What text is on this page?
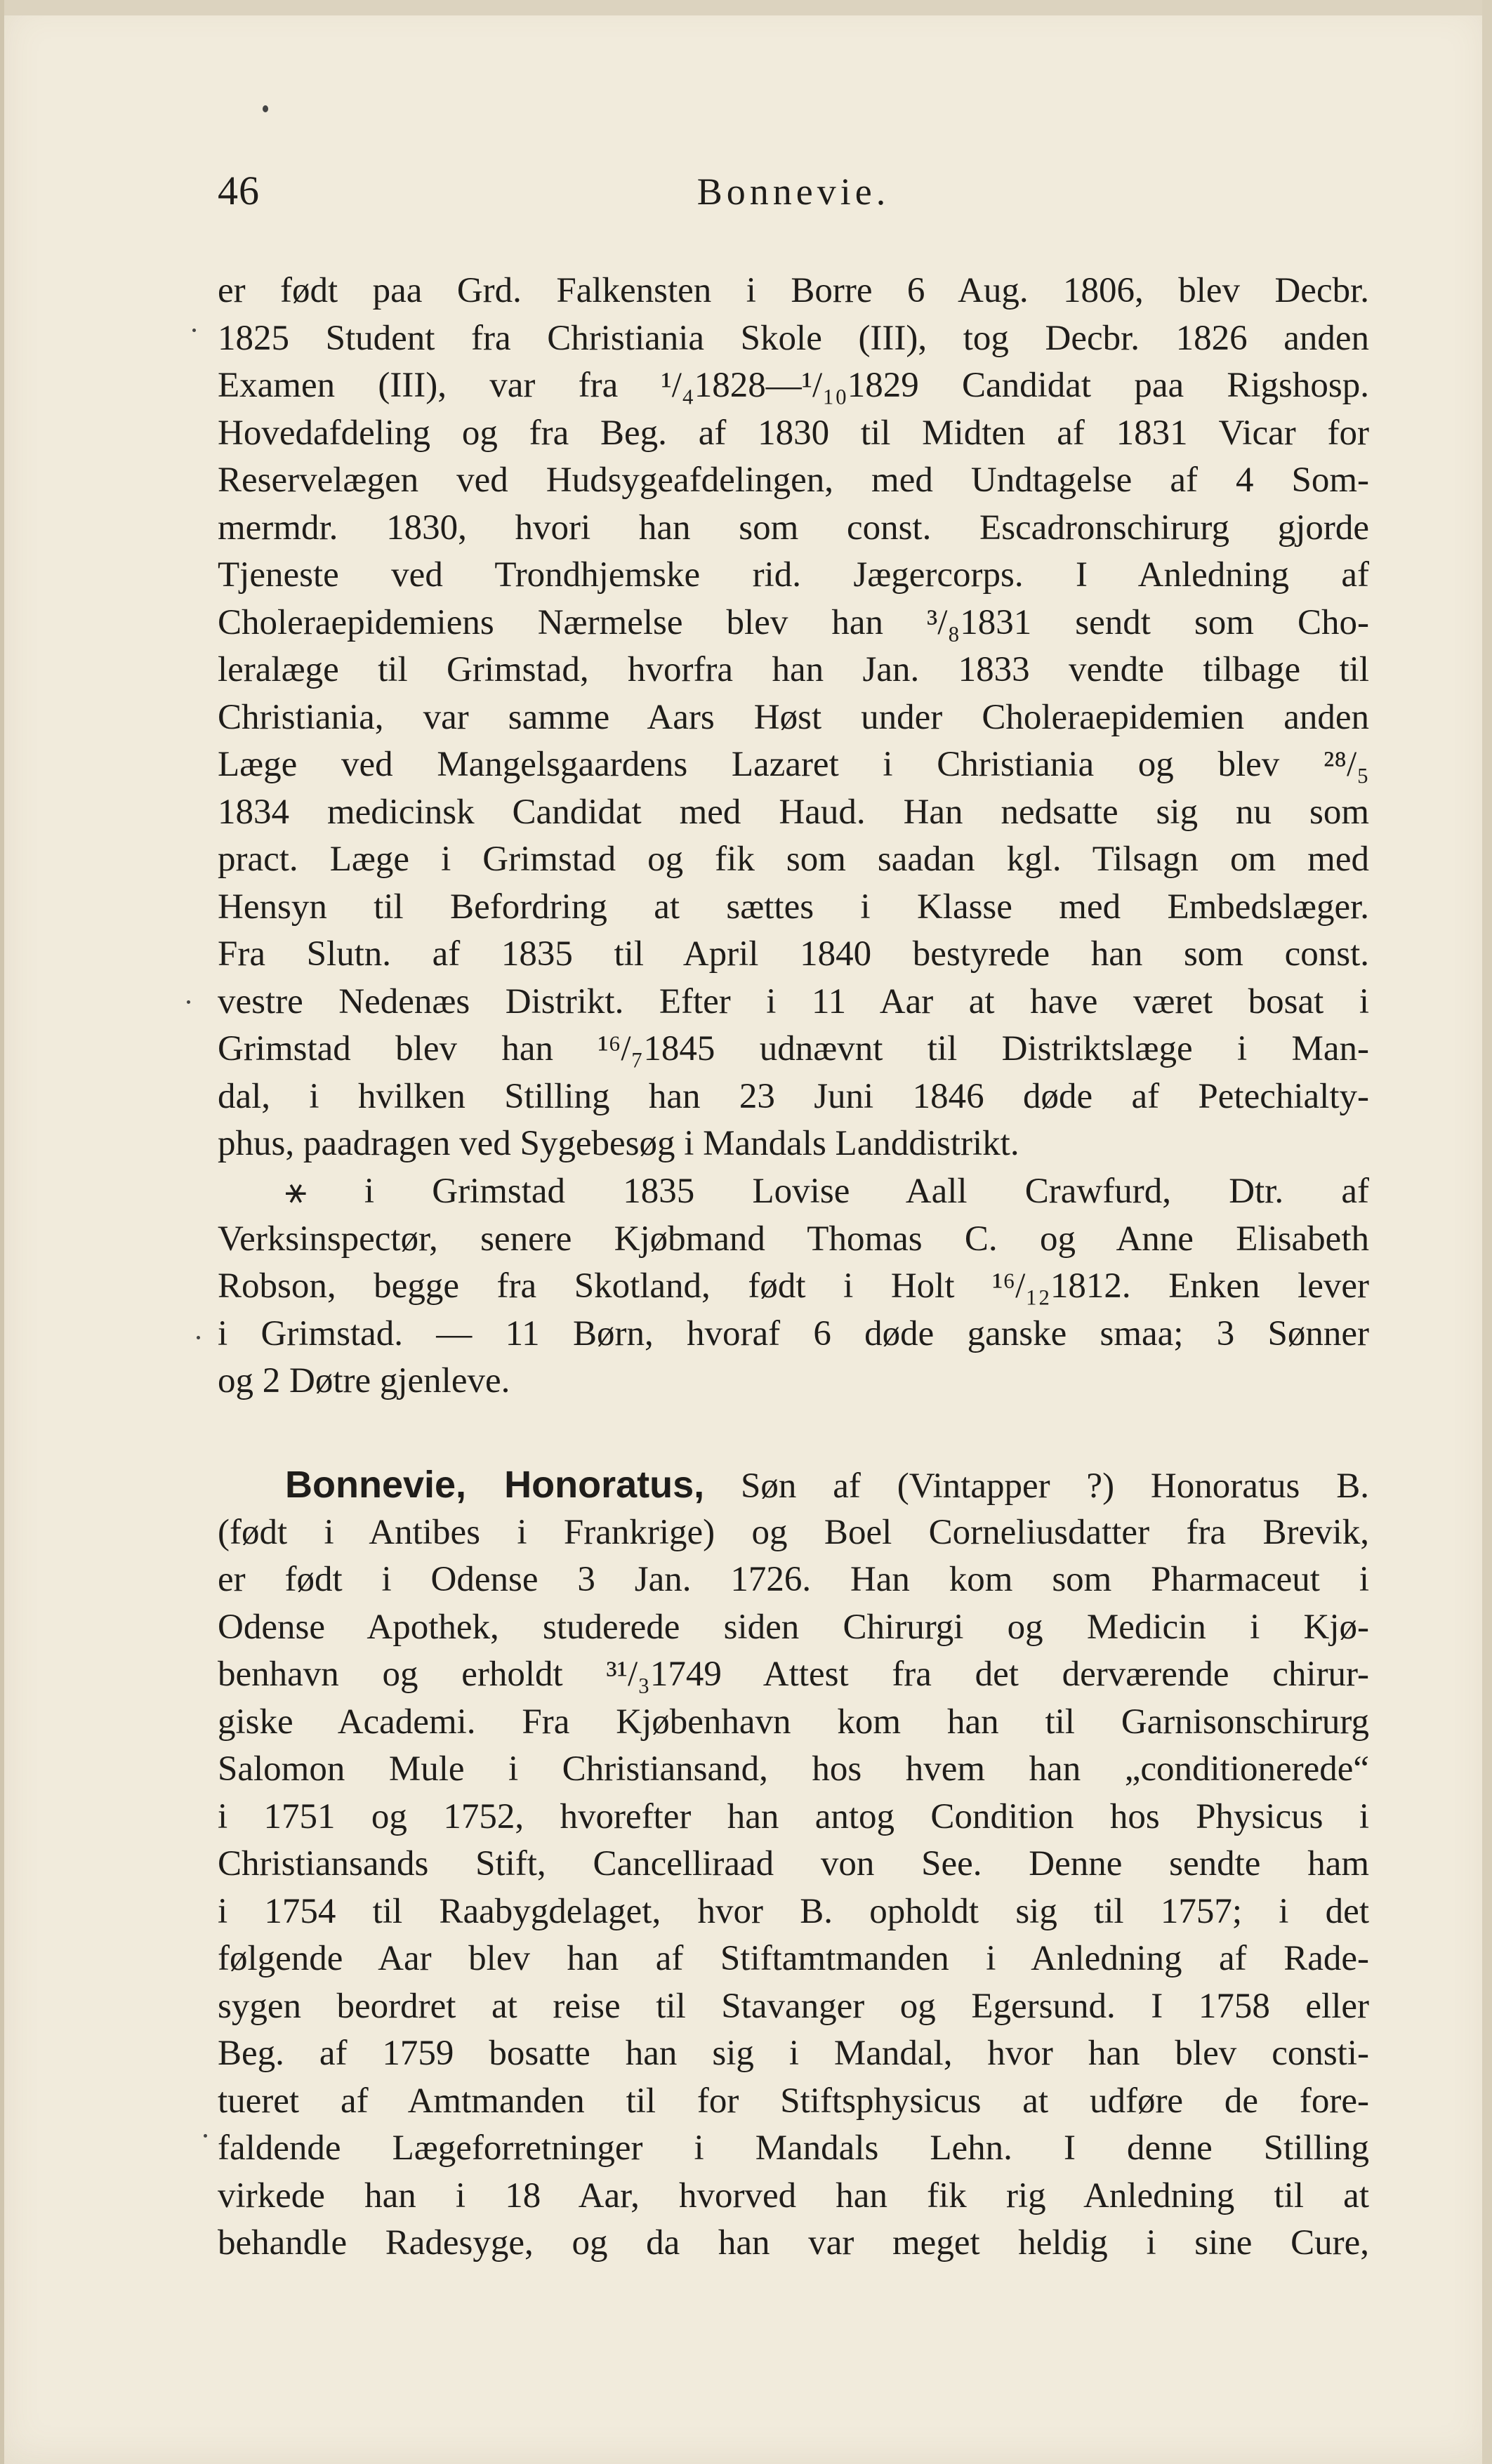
46	Bonnevie.
er født paa Grd. Falkensten i Borre 6 Aug. 1806, blev Decbr.
1825 Student fra Christiania Skole (III), tog Decbr. 1826 anden
Examen (III), var fra ¹/₄1828—¹/₁₀1829 Candidat paa Rigshosp.
Hovedafdeling og fra Beg. af 1830 til Midten af 1831 Vicar for
Reservelægen ved Hudsygeafdelingen, med Undtagelse af 4 Som-
mermdr. 1830, hvori han som const. Escadronschirurg gjorde
Tjeneste ved Trondhjemske rid. Jægercorps. I Anledning af
Choleraepidemiens Nærmelse blev han ³/₈1831 sendt som Cho-
leralæge til Grimstad, hvorfra han Jan. 1833 vendte tilbage til
Christiania, var samme Aars Høst under Choleraepidemien anden
Læge ved Mangelsgaardens Lazaret i Christiania og blev ²⁸/₅
1834 medicinsk Candidat med Haud. Han nedsatte sig nu som
pract. Læge i Grimstad og fik som saadan kgl. Tilsagn om med
Hensyn til Befordring at sættes i Klasse med Embedslæger.
Fra Slutn. af 1835 til April 1840 bestyrede han som const.
vestre Nedenæs Distrikt. Efter i 11 Aar at have været bosat i
Grimstad blev han ¹⁶/₇1845 udnævnt til Distriktslæge i Man-
dal, i hvilken Stilling han 23 Juni 1846 døde af Petechialty-
phus, paadragen ved Sygebesøg i Mandals Landdistrikt.
⚹ i Grimstad 1835 Lovise Aall Crawfurd, Dtr. af
Verksinspectør, senere Kjøbmand Thomas C. og Anne Elisabeth
Robson, begge fra Skotland, født i Holt ¹⁶/₁₂1812. Enken lever
i Grimstad. — 11 Børn, hvoraf 6 døde ganske smaa; 3 Sønner
og 2 Døtre gjenleve.
Bonnevie, Honoratus, Søn af (Vintapper ?) Honoratus B.
(født i Antibes i Frankrige) og Boel Corneliusdatter fra Brevik,
er født i Odense 3 Jan. 1726. Han kom som Pharmaceut i
Odense Apothek, studerede siden Chirurgi og Medicin i Kjø-
benhavn og erholdt ³¹/₃1749 Attest fra det derværende chirur-
giske Academi. Fra Kjøbenhavn kom han til Garnisonschirurg
Salomon Mule i Christiansand, hos hvem han „conditionerede“
i 1751 og 1752, hvorefter han antog Condition hos Physicus i
Christiansands Stift, Cancelliraad von See. Denne sendte ham
i 1754 til Raabygdelaget, hvor B. opholdt sig til 1757; i det
følgende Aar blev han af Stiftamtmanden i Anledning af Rade-
sygen beordret at reise til Stavanger og Egersund. I 1758 eller
Beg. af 1759 bosatte han sig i Mandal, hvor han blev consti-
tueret af Amtmanden til for Stiftsphysicus at udføre de fore-
faldende Lægeforretninger i Mandals Lehn. I denne Stilling
virkede han i 18 Aar, hvorved han fik rig Anledning til at
behandle Radesyge, og da han var meget heldig i sine Cure,
